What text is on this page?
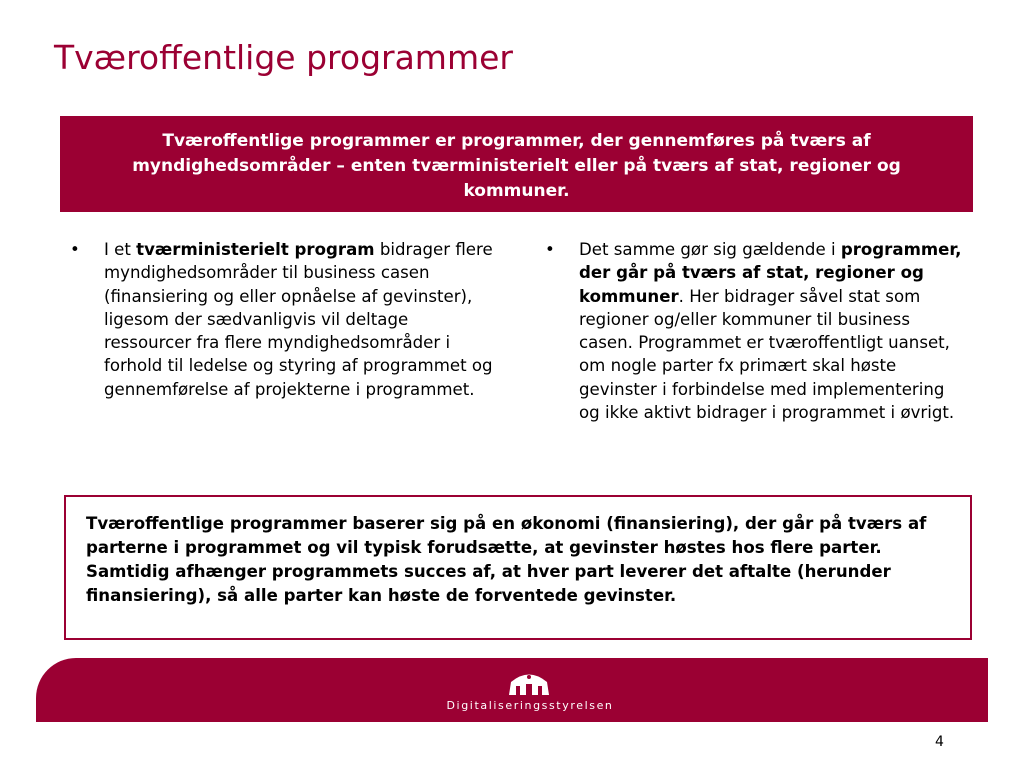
Tværoffentlige programmer
Tværoffentlige programmer er programmer, der gennemføres på tværs af myndighedsområder – enten tværministerielt eller på tværs af stat, regioner og kommuner.
•	I et tværministerielt program bidrager flere myndighedsområder til business casen (finansiering og eller opnåelse af gevinster), ligesom der sædvanligvis vil deltage ressourcer fra flere myndighedsområder i forhold til ledelse og styring af programmet og gennemførelse af projekterne i programmet.
•	Det samme gør sig gældende i programmer, der går på tværs af stat, regioner og kommuner. Her bidrager såvel stat som regioner og/eller kommuner til business casen. Programmet er tværoffentligt uanset, om nogle parter fx primært skal høste gevinster i forbindelse med implementering og ikke aktivt bidrager i programmet i øvrigt.
Tværoffentlige programmer baserer sig på en økonomi (finansiering), der går på tværs af parterne i programmet og vil typisk forudsætte, at gevinster høstes hos flere parter. Samtidig afhænger programmets succes af, at hver part leverer det aftalte (herunder finansiering), så alle parter kan høste de forventede gevinster.
Digitaliseringsstyrelsen
4
